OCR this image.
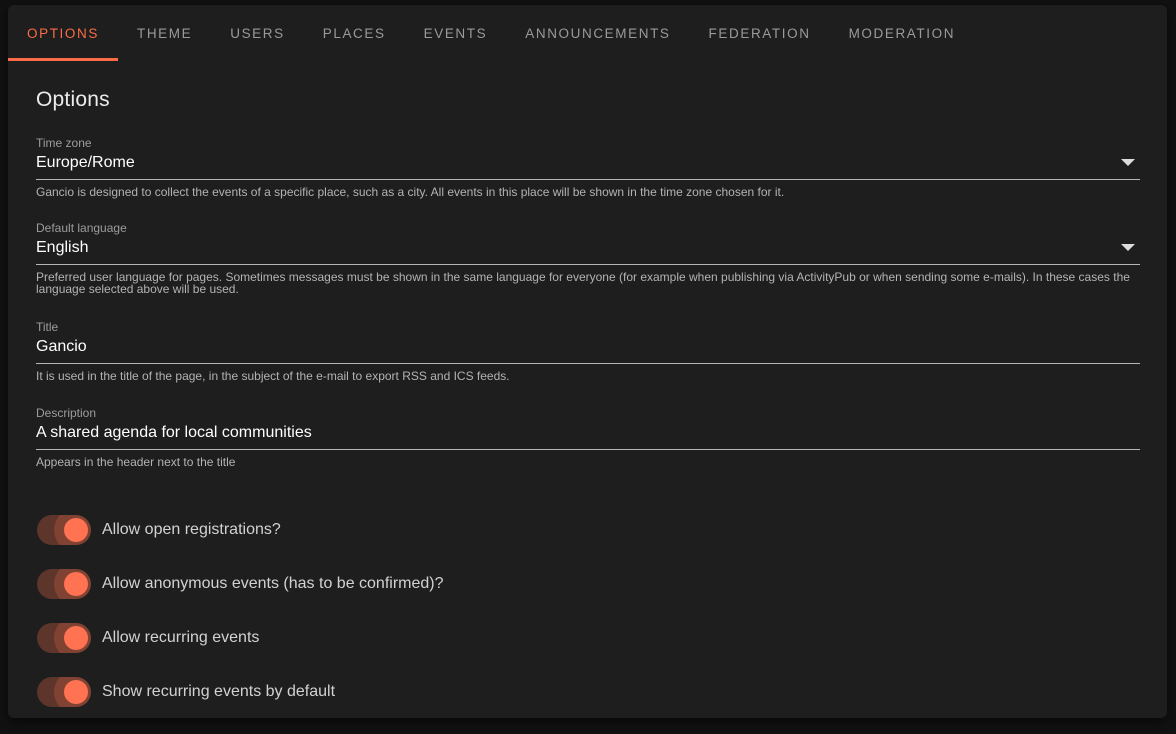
OPTIONS	THEME	USERS	PLACES	EVENTS	ANNOUNCEMENTS	FEDERATION	MODERATION
Options
Time zone
Europe/Rome
Gancio is designed to collect the events of a specific place, such as a city. All events in this place will be shown in the time zone chosen for it.
Default language
English
Preferred user language for pages. Sometimes messages must be shown in the same language for everyone (for example when publishing via ActivityPub or when sending some e-mails). In these cases the language selected above will be used.
Title
Gancio
It is used in the title of the page, in the subject of the e-mail to export RSS and ICS feeds.
Description
A shared agenda for local communities
Appears in the header next to the title
Allow open registrations?
Allow anonymous events (has to be confirmed)?
Allow recurring events
Show recurring events by default
